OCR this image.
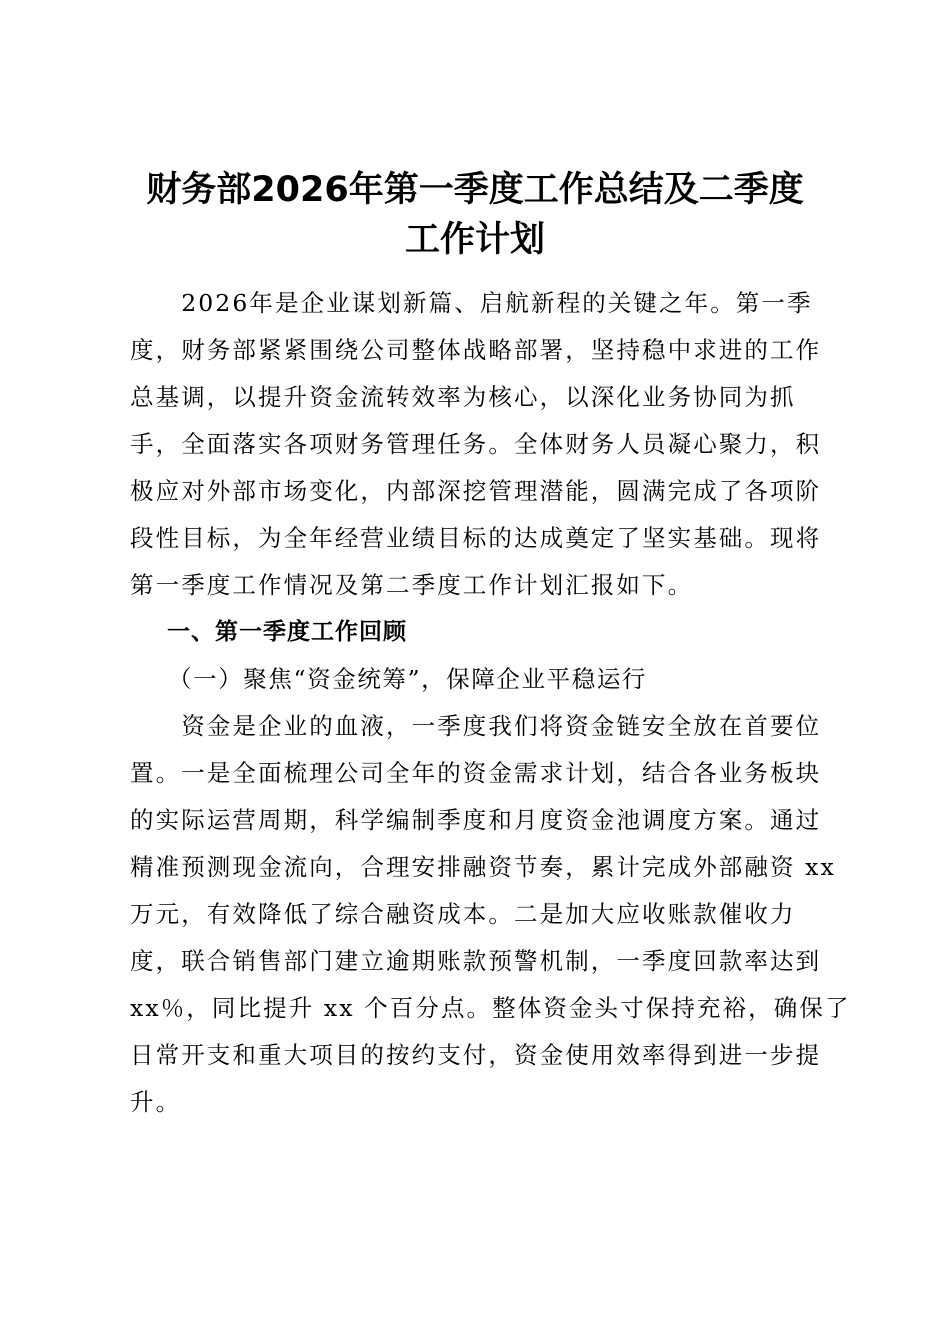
财务部2026年第一季度工作总结及二季度
工作计划
　　2026年是企业谋划新篇、启航新程的关键之年。第一季
度，财务部紧紧围绕公司整体战略部署，坚持稳中求进的工作
总基调，以提升资金流转效率为核心，以深化业务协同为抓
手，全面落实各项财务管理任务。全体财务人员凝心聚力，积
极应对外部市场变化，内部深挖管理潜能，圆满完成了各项阶
段性目标，为全年经营业绩目标的达成奠定了坚实基础。现将
第一季度工作情况及第二季度工作计划汇报如下。
一、第一季度工作回顾
（一）聚焦“资金统筹”，保障企业平稳运行
　　资金是企业的血液，一季度我们将资金链安全放在首要位
置。一是全面梳理公司全年的资金需求计划，结合各业务板块
的实际运营周期，科学编制季度和月度资金池调度方案。通过
精准预测现金流向，合理安排融资节奏，累计完成外部融资 xx
万元，有效降低了综合融资成本。二是加大应收账款催收力
度，联合销售部门建立逾期账款预警机制，一季度回款率达到
xx％，同比提升 xx 个百分点。整体资金头寸保持充裕，确保了
日常开支和重大项目的按约支付，资金使用效率得到进一步提
升。
